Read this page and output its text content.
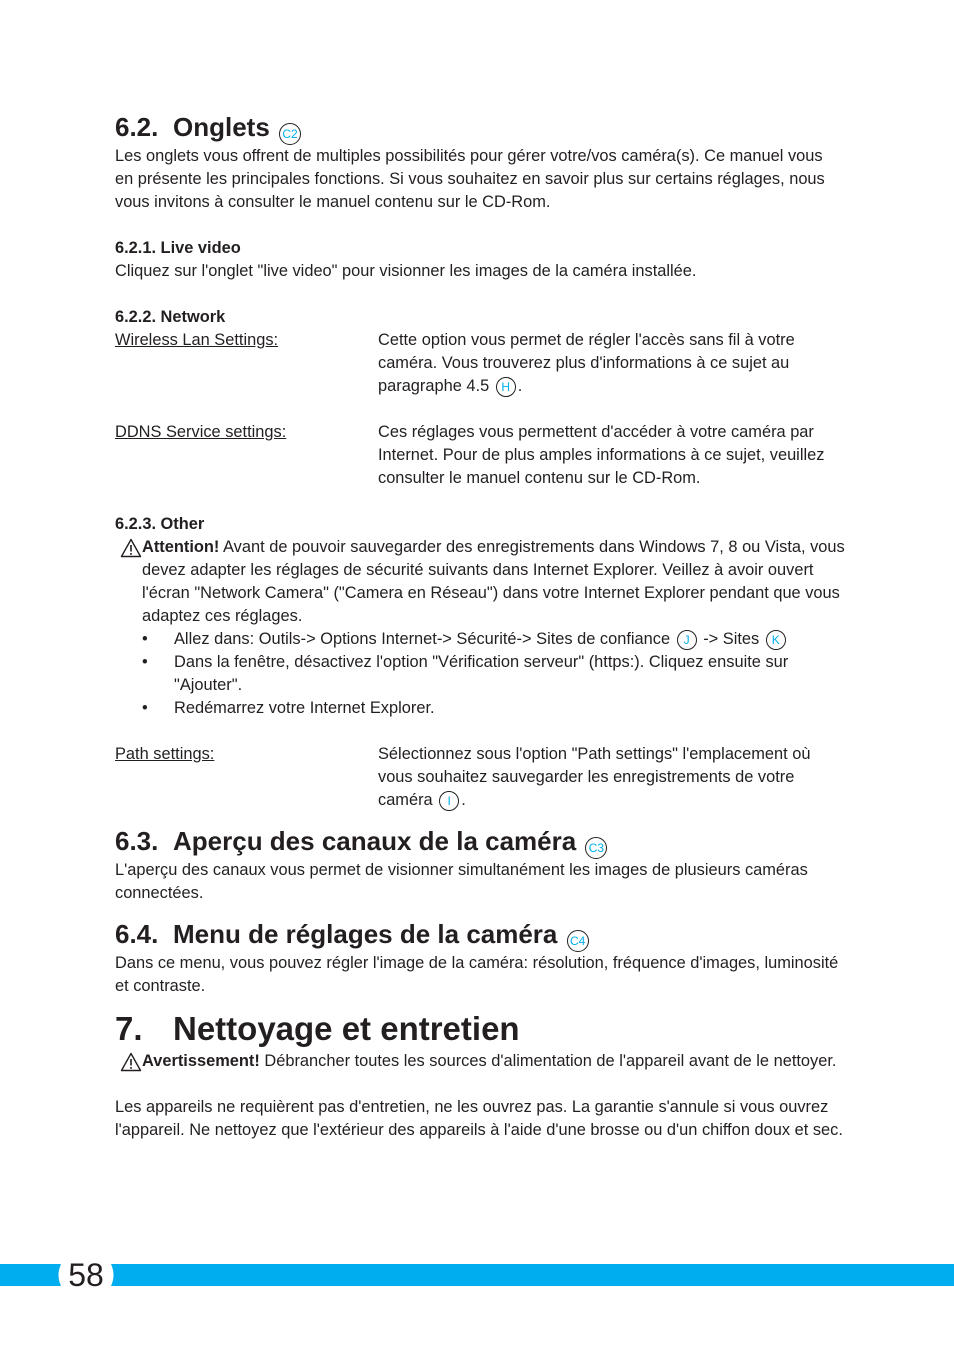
6.2. Onglets C2
Les onglets vous offrent de multiples possibilités pour gérer votre/vos caméra(s). Ce manuel vous en présente les principales fonctions. Si vous souhaitez en savoir plus sur certains réglages, nous vous invitons à consulter le manuel contenu sur le CD-Rom.
6.2.1. Live video
Cliquez sur l'onglet "live video" pour visionner les images de la caméra installée.
6.2.2. Network
Wireless Lan Settings:	Cette option vous permet de régler l'accès sans fil à votre caméra. Vous trouverez plus d'informations à ce sujet au paragraphe 4.5 H .
DDNS Service settings:	Ces réglages vous permettent d'accéder à votre caméra par Internet. Pour de plus amples informations à ce sujet, veuillez consulter le manuel contenu sur le CD-Rom.
6.2.3. Other
Attention! Avant de pouvoir sauvegarder des enregistrements dans Windows 7, 8 ou Vista, vous devez adapter les réglages de sécurité suivants dans Internet Explorer. Veillez à avoir ouvert l'écran "Network Camera" ("Camera en Réseau") dans votre Internet Explorer pendant que vous adaptez ces réglages.
•	Allez dans: Outils-> Options Internet-> Sécurité-> Sites de confiance J -> Sites K
•	Dans la fenêtre, désactivez l'option "Vérification serveur" (https:). Cliquez ensuite sur "Ajouter".
•	Redémarrez votre Internet Explorer.
Path settings:	Sélectionnez sous l'option "Path settings" l'emplacement où vous souhaitez sauvegarder les enregistrements de votre caméra I .
6.3. Aperçu des canaux de la caméra C3
L'aperçu des canaux vous permet de visionner simultanément les images de plusieurs caméras connectées.
6.4. Menu de réglages de la caméra C4
Dans ce menu, vous pouvez régler l'image de la caméra: résolution, fréquence d'images, luminosité et contraste.
7. Nettoyage et entretien
Avertissement! Débrancher toutes les sources d'alimentation de l'appareil avant de le nettoyer.
Les appareils ne requièrent pas d'entretien, ne les ouvrez pas. La garantie s'annule si vous ouvrez l'appareil. Ne nettoyez que l'extérieur des appareils à l'aide d'une brosse ou d'un chiffon doux et sec.
58
